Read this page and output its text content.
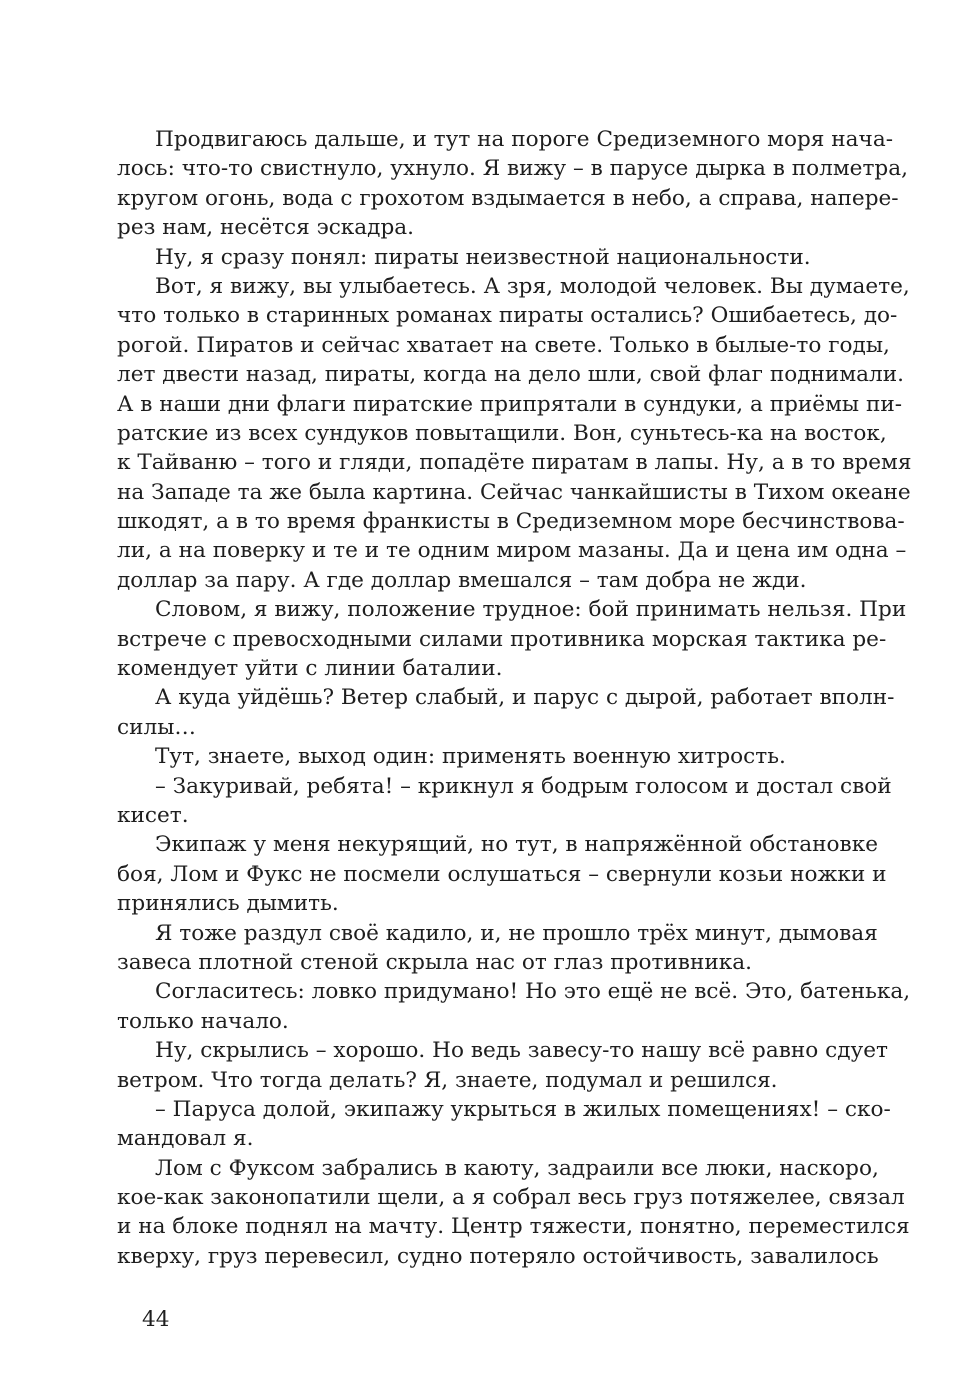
Продвигаюсь дальше, и тут на пороге Средиземного моря нача-
лось: что-то свистнуло, ухнуло. Я вижу – в парусе дырка в полметра,
кругом огонь, вода с грохотом вздымается в небо, а справа, напере-
рез нам, несётся эскадра.
Ну, я сразу понял: пираты неизвестной национальности.
Вот, я вижу, вы улыбаетесь. А зря, молодой человек. Вы думаете,
что только в старинных романах пираты остались? Ошибаетесь, до-
рогой. Пиратов и сейчас хватает на свете. Только в былые-то годы,
лет двести назад, пираты, когда на дело шли, свой флаг поднимали.
А в наши дни флаги пиратские припрятали в сундуки, а приёмы пи-
ратские из всех сундуков повытащили. Вон, суньтесь-ка на восток,
к Тайваню – того и гляди, попадёте пиратам в лапы. Ну, а в то время
на Западе та же была картина. Сейчас чанкайшисты в Тихом океане
шкодят, а в то время франкисты в Средиземном море бесчинствова-
ли, а на поверку и те и те одним миром мазаны. Да и цена им одна –
доллар за пару. А где доллар вмешался – там добра не жди.
Словом, я вижу, положение трудное: бой принимать нельзя. При
встрече с превосходными силами противника морская тактика ре-
комендует уйти с линии баталии.
А куда уйдёшь? Ветер слабый, и парус с дырой, работает вполн-
силы…
Тут, знаете, выход один: применять военную хитрость.
– Закуривай, ребята! – крикнул я бодрым голосом и достал свой
кисет.
Экипаж у меня некурящий, но тут, в напряжённой обстановке
боя, Лом и Фукс не посмели ослушаться – свернули козьи ножки и
принялись дымить.
Я тоже раздул своё кадило, и, не прошло трёх минут, дымовая
завеса плотной стеной скрыла нас от глаз противника.
Согласитесь: ловко придумано! Но это ещё не всё. Это, батенька,
только начало.
Ну, скрылись – хорошо. Но ведь завесу-то нашу всё равно сдует
ветром. Что тогда делать? Я, знаете, подумал и решился.
– Паруса долой, экипажу укрыться в жилых помещениях! – ско-
мандовал я.
Лом с Фуксом забрались в каюту, задраили все люки, наскоро,
кое-как законопатили щели, а я собрал весь груз потяжелее, связал
и на блоке поднял на мачту. Центр тяжести, понятно, переместился
кверху, груз перевесил, судно потеряло остойчивость, завалилось
44
